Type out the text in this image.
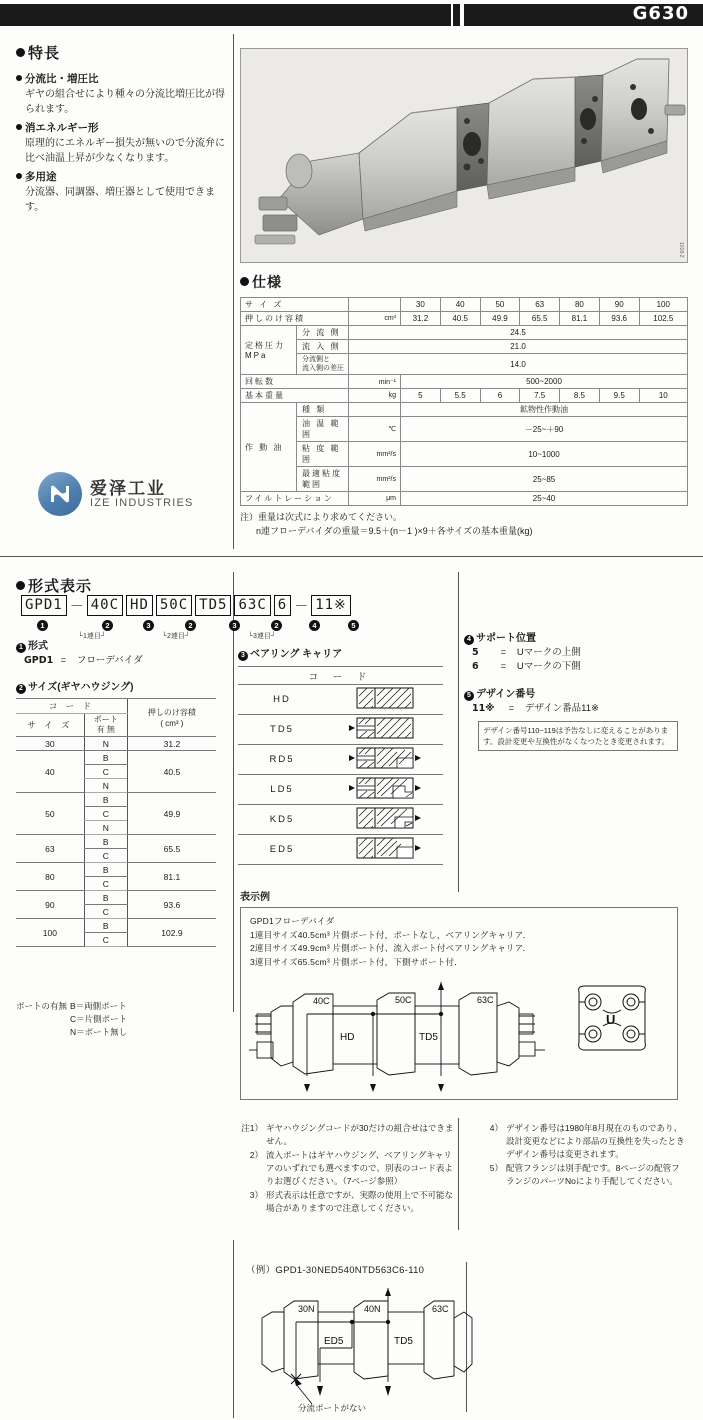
G630
特長
分流比・増圧比
ギヤの組合せにより種々の分流比増圧比が得られます。
消エネルギー形
原理的にエネルギー損失が無いので分流弁に比べ油温上昇が少なくなります。
多用途
分流器、同調器、増圧器として使用できます。
1018-2
仕様
サ イ ズ			30	40	50	63	80	90	100
押しのけ容積		cm³	31.2	40.5	49.9	65.5	81.1	93.6	102.5

定格圧力
MPa	分 流 側	24.5							
	流 入 側	21.0							
	分流側と
流入側の差圧	14.0							
回転数		min⁻¹	500~2000						
基本重量		kg	5	5.5	6	7.5	8.5	9.5	10
作 動 油	種 類		鉱物性作動油						
	油 温 範 囲	℃	－25~＋90						
	粘 度 範 囲	mm²/s	10~1000						
	最適粘度範囲	mm²/s	25~85						
フイルトレーション		μm	25~40						
注）重量は次式により求めてください。
n連フローデバイダの重量＝9.5＋(n－1 )×9＋各サイズの基本重量(kg)
爱泽工业
IZE INDUSTRIES
形式表示
GPD1 － 40C HD 50C TD5 63C 6 － 11※
1	2	3	2	3	2	4	5
└1連目┘	└2連目┘	└3連目┘
1 形式
GPD1 = フローデバイダ
2 サイズ(ギヤハウジング)
コ ー ド		押しのけ容積
( cm³ )
サ イ ズ	ポート
有 無	
30	N	31.2
40	B	40.5
	C	
	N	
50	B	49.9
	C	
	N	
63	B	65.5
	C	
80	B	81.1
	C	
90	B	93.6
	C	
100	B	102.9
	C	
ポートの有無 B＝両側ポート
C＝片側ポート
N＝ポート無し
3 ベアリング キャリア
コ ー ド	
HD	
TD5	
RD5	
LD5	
KD5	
ED5	
4 サポート位置
5 = Uマークの上側
6 = Uマークの下側
5 デザイン番号
11※ = デザイン番品11※
デザイン番号110~119は予告なしに変えることがあります。設計変更や互換性がなくなつたとき変更されます。
表示例
GPD1フローデバイダ
1連目サイズ40.5cm³ 片側ポート付，ポートなし，ベアリングキャリア．
2連目サイズ49.9cm³ 片側ポート付、流入ポート付ベアリングキャリア．
3連目サイズ65.5cm³ 片側ポート付，下側サポート付．
40C	50C	63C
HD	TD5
U
注1） ギヤハウジングコードが30だけの組合せはできません。
2） 流入ポートはギヤハウジング、ベアリングキャリアのいずれでも選べますので、別表のコード表よりお選びください。（7ページ参照）
3） 形式表示は任意ですが、実際の使用上で不可能な場合がありますので注意してください。
4） デザイン番号は1980年8月現在のものであり、設計変更などにより部品の互換性を失ったときデザイン番号は変更されます。
5） 配管フランジは別手配です。8ページの配管フランジのパーツNoにより手配してください。
（例）GPD1-30NED540NTD563C6-110
30N	40N	63C
ED5	TD5
分流ポートがない
